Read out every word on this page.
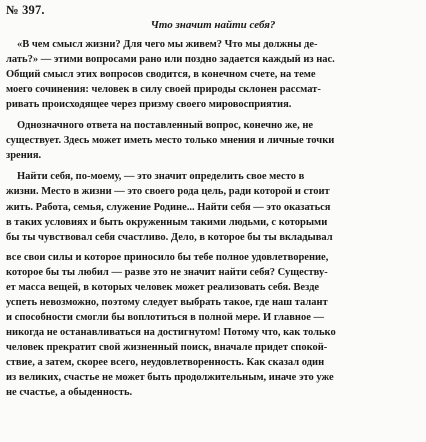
№ 397.
Что значит найти себя?
«В чем смысл жизни? Для чего мы живем? Что мы должны де-
лать?» — этими вопросами рано или поздно задается каждый из нас.
Общий смысл этих вопросов сводится, в конечном счете, на теме
моего сочинения: человек в силу своей природы склонен рассмат-
ривать происходящее через призму своего мировосприятия.
Однозначного ответа на поставленный вопрос, конечно же, не
существует. Здесь может иметь место только мнения и личные точки
зрения.
Найти себя, по-моему, — это значит определить свое место в
жизни. Место в жизни — это своего рода цель, ради которой и стоит
жить. Работа, семья, служение Родине... Найти себя — это оказаться
в таких условиях и быть окруженным такими людьми, с которыми
бы ты чувствовал себя счастливо. Дело, в которое бы ты вкладывал
все свои силы и которое приносило бы тебе полное удовлетворение,
которое бы ты любил — разве это не значит найти себя? Существу-
ет масса вещей, в которых человек может реализовать себя. Везде
успеть невозможно, поэтому следует выбрать такое, где наш талант
и способности смогли бы воплотиться в полной мере. И главное —
никогда не останавливаться на достигнутом! Потому что, как только
человек прекратит свой жизненный поиск, вначале придет спокой-
ствие, а затем, скорее всего, неудовлетворенность. Как сказал один
из великих, счастье не может быть продолжительным, иначе это уже
не счастье, а обыденность.
